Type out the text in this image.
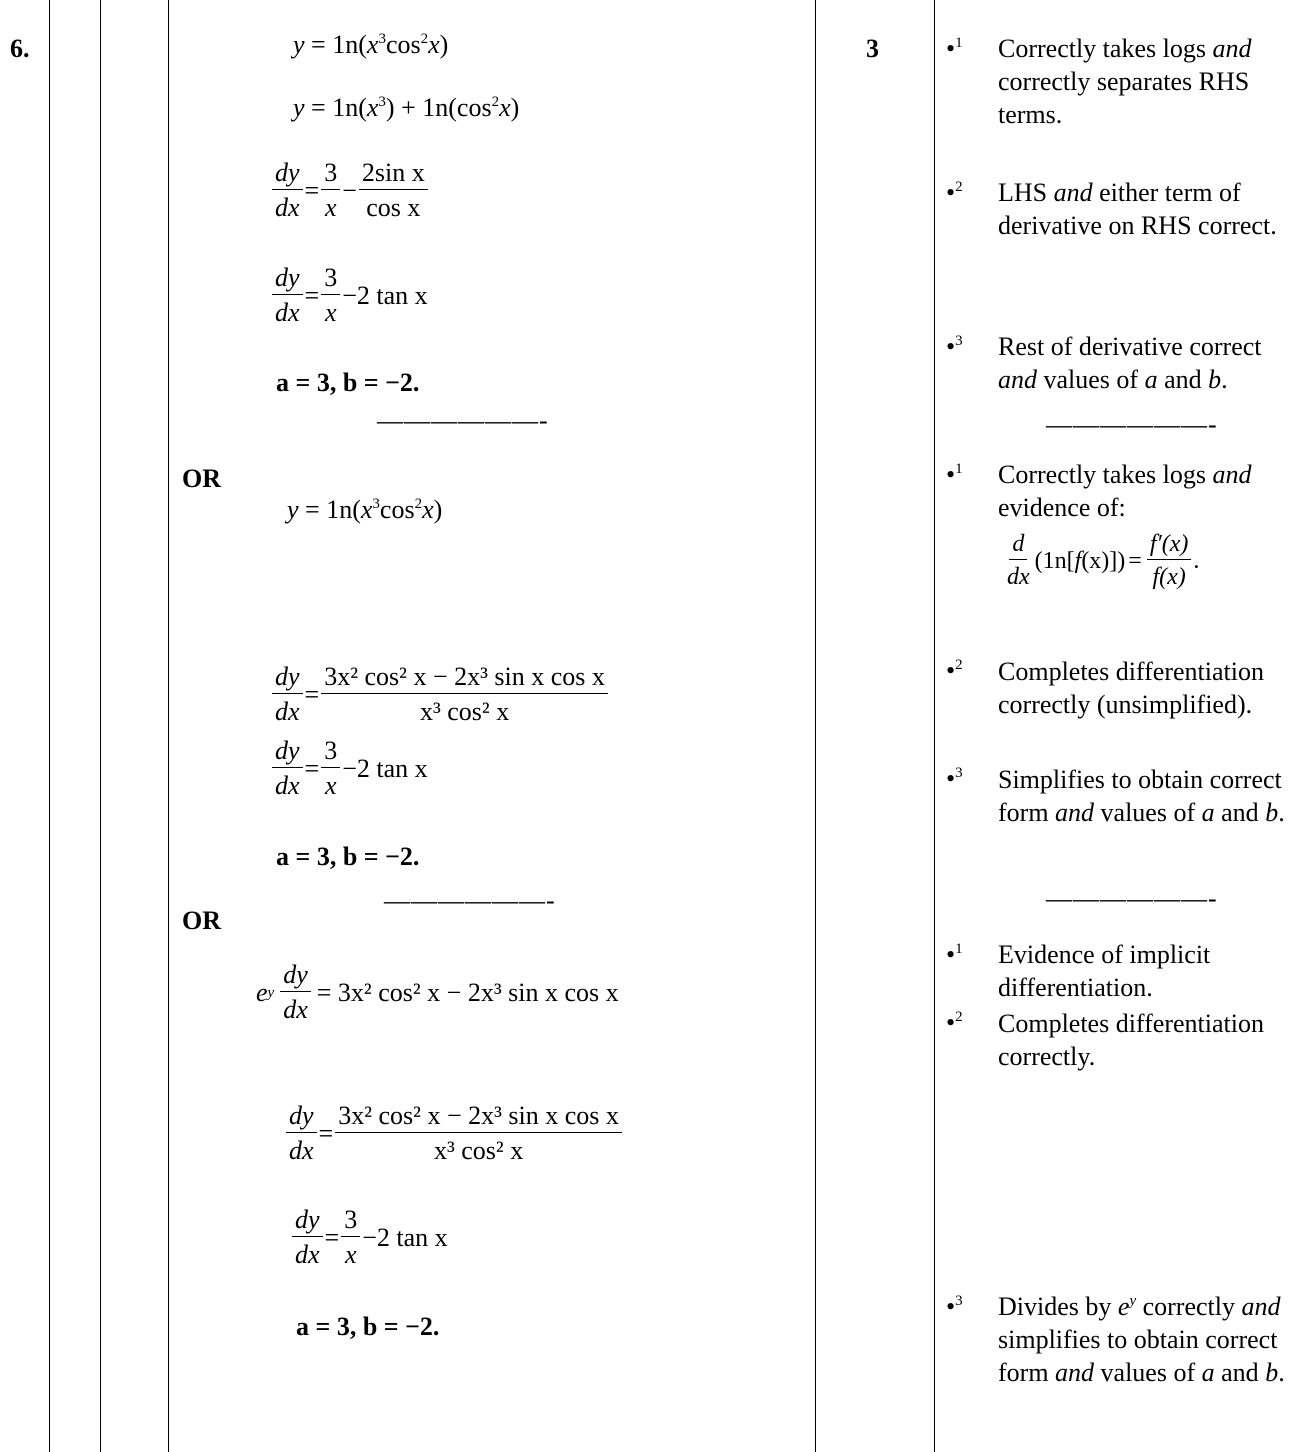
6.	3
$y = 1n(x^3\cos^2x)$
$y = 1n(x^3) + 1n(\cos^2x)$
$\frac{dy}{dx} = \frac{3}{x} - \frac{\text{2sin x}}{\text{cos x}}$
$\frac{dy}{dx} = \frac{3}{x} -2$ tan x
a = 3, b = −2.
——————-
OR
$y = 1n(x^3\cos^2x)$
$\frac{dy}{dx} = \frac{\text{3x² cos² x − 2x³ sin x cos x}}{\text{x³ cos² x}}$
$\frac{dy}{dx} = \frac{3}{x} -2$ tan x
a = 3, b = −2.
——————-
OR
e y $\frac{dy}{dx} = 3x^2$ cos² x − 2x³ sin x cos x
$\frac{dy}{dx} = \frac{\text{3x² cos² x − 2x³ sin x cos x}}{\text{x³ cos² x}}$
$\frac{dy}{dx} = \frac{3}{x} -2$ tan x
a = 3, b = −2.
•$^1$ Correctly takes logs and correctly separates RHS terms.
•$^2$ LHS and either term of derivative on RHS correct.
•$^3$ Rest of derivative correct and values of a and b.
——————-
•$^1$ Correctly takes logs and evidence of:
$\frac{d}{dx} (1n$[ f (x) ]) = $\frac{f'(x)}{f(x)}$ .
•$^2$ Completes differentiation correctly (unsimplified).
•$^3$ Simplifies to obtain correct form and values of a and b.
——————-
•$^1$ Evidence of implicit differentiation.
•$^2$ Completes differentiation correctly.
•$^3$ Divides by $e^y$ correctly and simplifies to obtain correct form and values of a and b.
